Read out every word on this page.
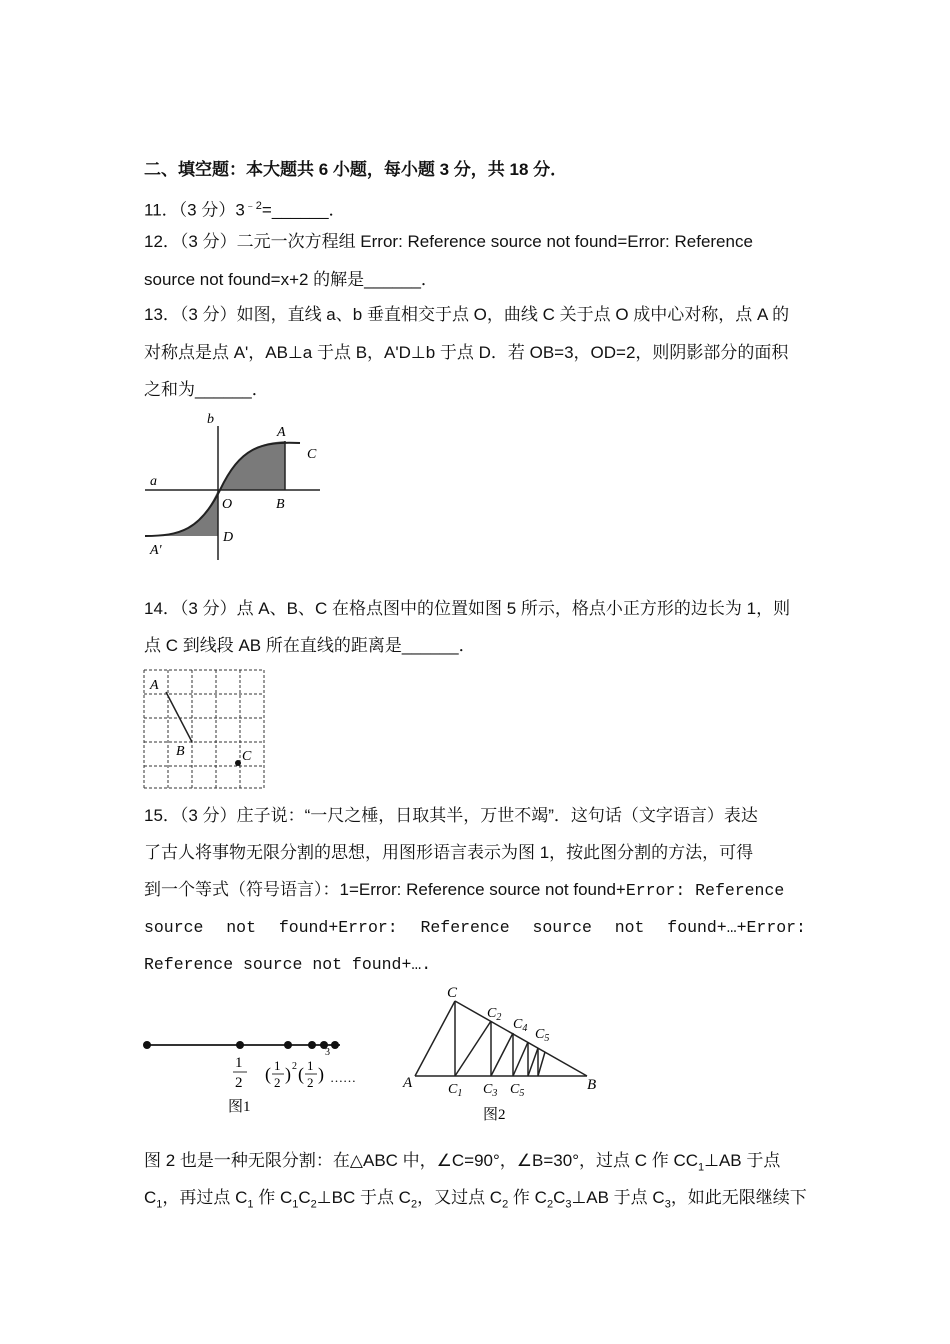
二、填空题：本大题共 6 小题，每小题 3 分，共 18 分．
11．（3 分）$3^{﹣2}=\_\_\_\_\_\_$．
12．（3 分）二元一次方程组 Error: Reference source not found=Error: Reference
source not found=x+2 的解是______．
13．（3 分）如图，直线 a、b 垂直相交于点 O，曲线 C 关于点 O 成中心对称，点 A 的
对称点是点 A'，AB⊥a 于点 B，A'D⊥b 于点 D．若 OB=3，OD=2，则阴影部分的面积
之和为______．
a
b
A
C
O	B
D
A'
14．（3 分）点 A、B、C 在格点图中的位置如图 5 所示，格点小正方形的边长为 1，则
点 C 到线段 AB 所在直线的距离是______．
A
B	C
15．（3 分）庄子说：“一尺之棰，日取其半，万世不竭”．这句话（文字语言）表达
了古人将事物无限分割的思想，用图形语言表示为图 1，按此图分割的方法，可得
到一个等式（符号语言）：1=Error: Reference source not found+Error: Reference
source not found+Error: Reference source not found+…+Error:
Reference source not found+….
1
2 ( 1
2 ) 2 ( 1
2 )
3
……
图1
C
A	B
$C_2$ $C_4$ $C_5$
$C_1$ $C_3$ $C_5$
图2
图 2 也是一种无限分割：在△ABC 中，∠C=90°，∠B=30°，过点 C 作 $CC_1\perp AB$ 于点
$C_1$，再过点 $C_1$ 作 $C_1C_2\perp BC$ 于点 $C_2$，又过点 $C_2$ 作 $C_2C_3\perp AB$ 于点 $C_3$，如此无限继续下
